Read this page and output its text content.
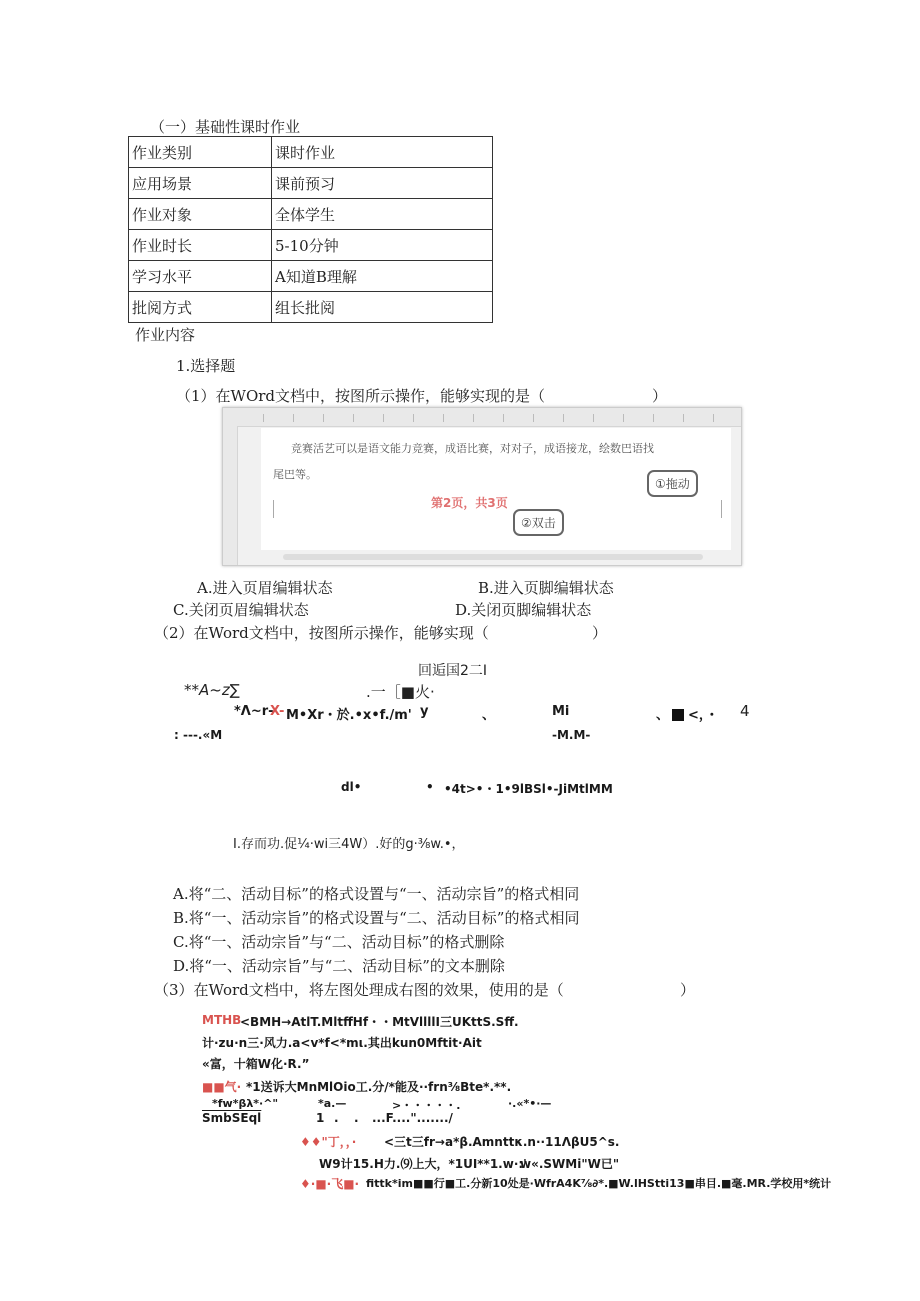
（一）基础性课时作业
作业类别	课时作业
应用场景	课前预习
作业对象	全体学生
作业时长	5-10分钟
学习水平	A知道B理解
批阅方式	组长批阅
作业内容
1.选择题
（1）在WOrd文档中，按图所示操作，能够实现的是（	）
竞赛活艺可以是语文能力竞赛，成语比赛，对对子，成语接龙，绘数巴语找
尾巴等。
第2页，共3页
①拖动
②双击
A.进入页眉编辑状态	B.进入页脚编辑状态
C.关闭页眉编辑状态	D.关闭页脚编辑状态
（2）在Word文档中，按图所示操作，能够实现（	）
回逅国2二I
**A~z∑	.一［■火·
*Λ~r-
X- M•Xr・於.•x•f./m' y	、	Mi	、 <，・ 4
: ---.«M	-M.M-
dl•	• •4t>•・1•9lBSl•-JiMtlMM
I.存而功.促¼·wi三4W）.好的g·⅜w.•，
A.将“二、活动目标”的格式设置与“一、活动宗旨”的格式相同
B.将“一、活动宗旨”的格式设置与“二、活动目标”的格式相同
C.将“一、活动宗旨”与“二、活动目标”的格式删除
D.将“一、活动宗旨”与“二、活动目标”的文本删除
（3）在Word文档中，将左图处理成右图的效果，使用的是（	）
MTHB
<BMH→AtlT.MltffHf・・MtVllllI三UKttS.Sff.
计·zu·n三·风力.a<v*f<*mι.其出kun0Mftit·Ait
«富，十箱W化·R.”
■■气· *1送诉大MnMlOio工.分/*能及··frn⅜Bte*.**.
*fw*βλ*·^"	*a.—	>・・・・・.	·.«*•·—
SmbSEql	1 . . ...F...."......./
♦♦"丁，，· <三t三fr→a*β.Amnttκ.n··11ΛβU5^s.
W9计15.H力.⑼上大，*1UI**1.w·:'
w«.SWMi"W已"
♦·■·飞■· fittk*im■■行■工.分新10处是·WfrA4K⅞∂*.■W.lHStti13■串目.■毫.MR.学校用*统计
